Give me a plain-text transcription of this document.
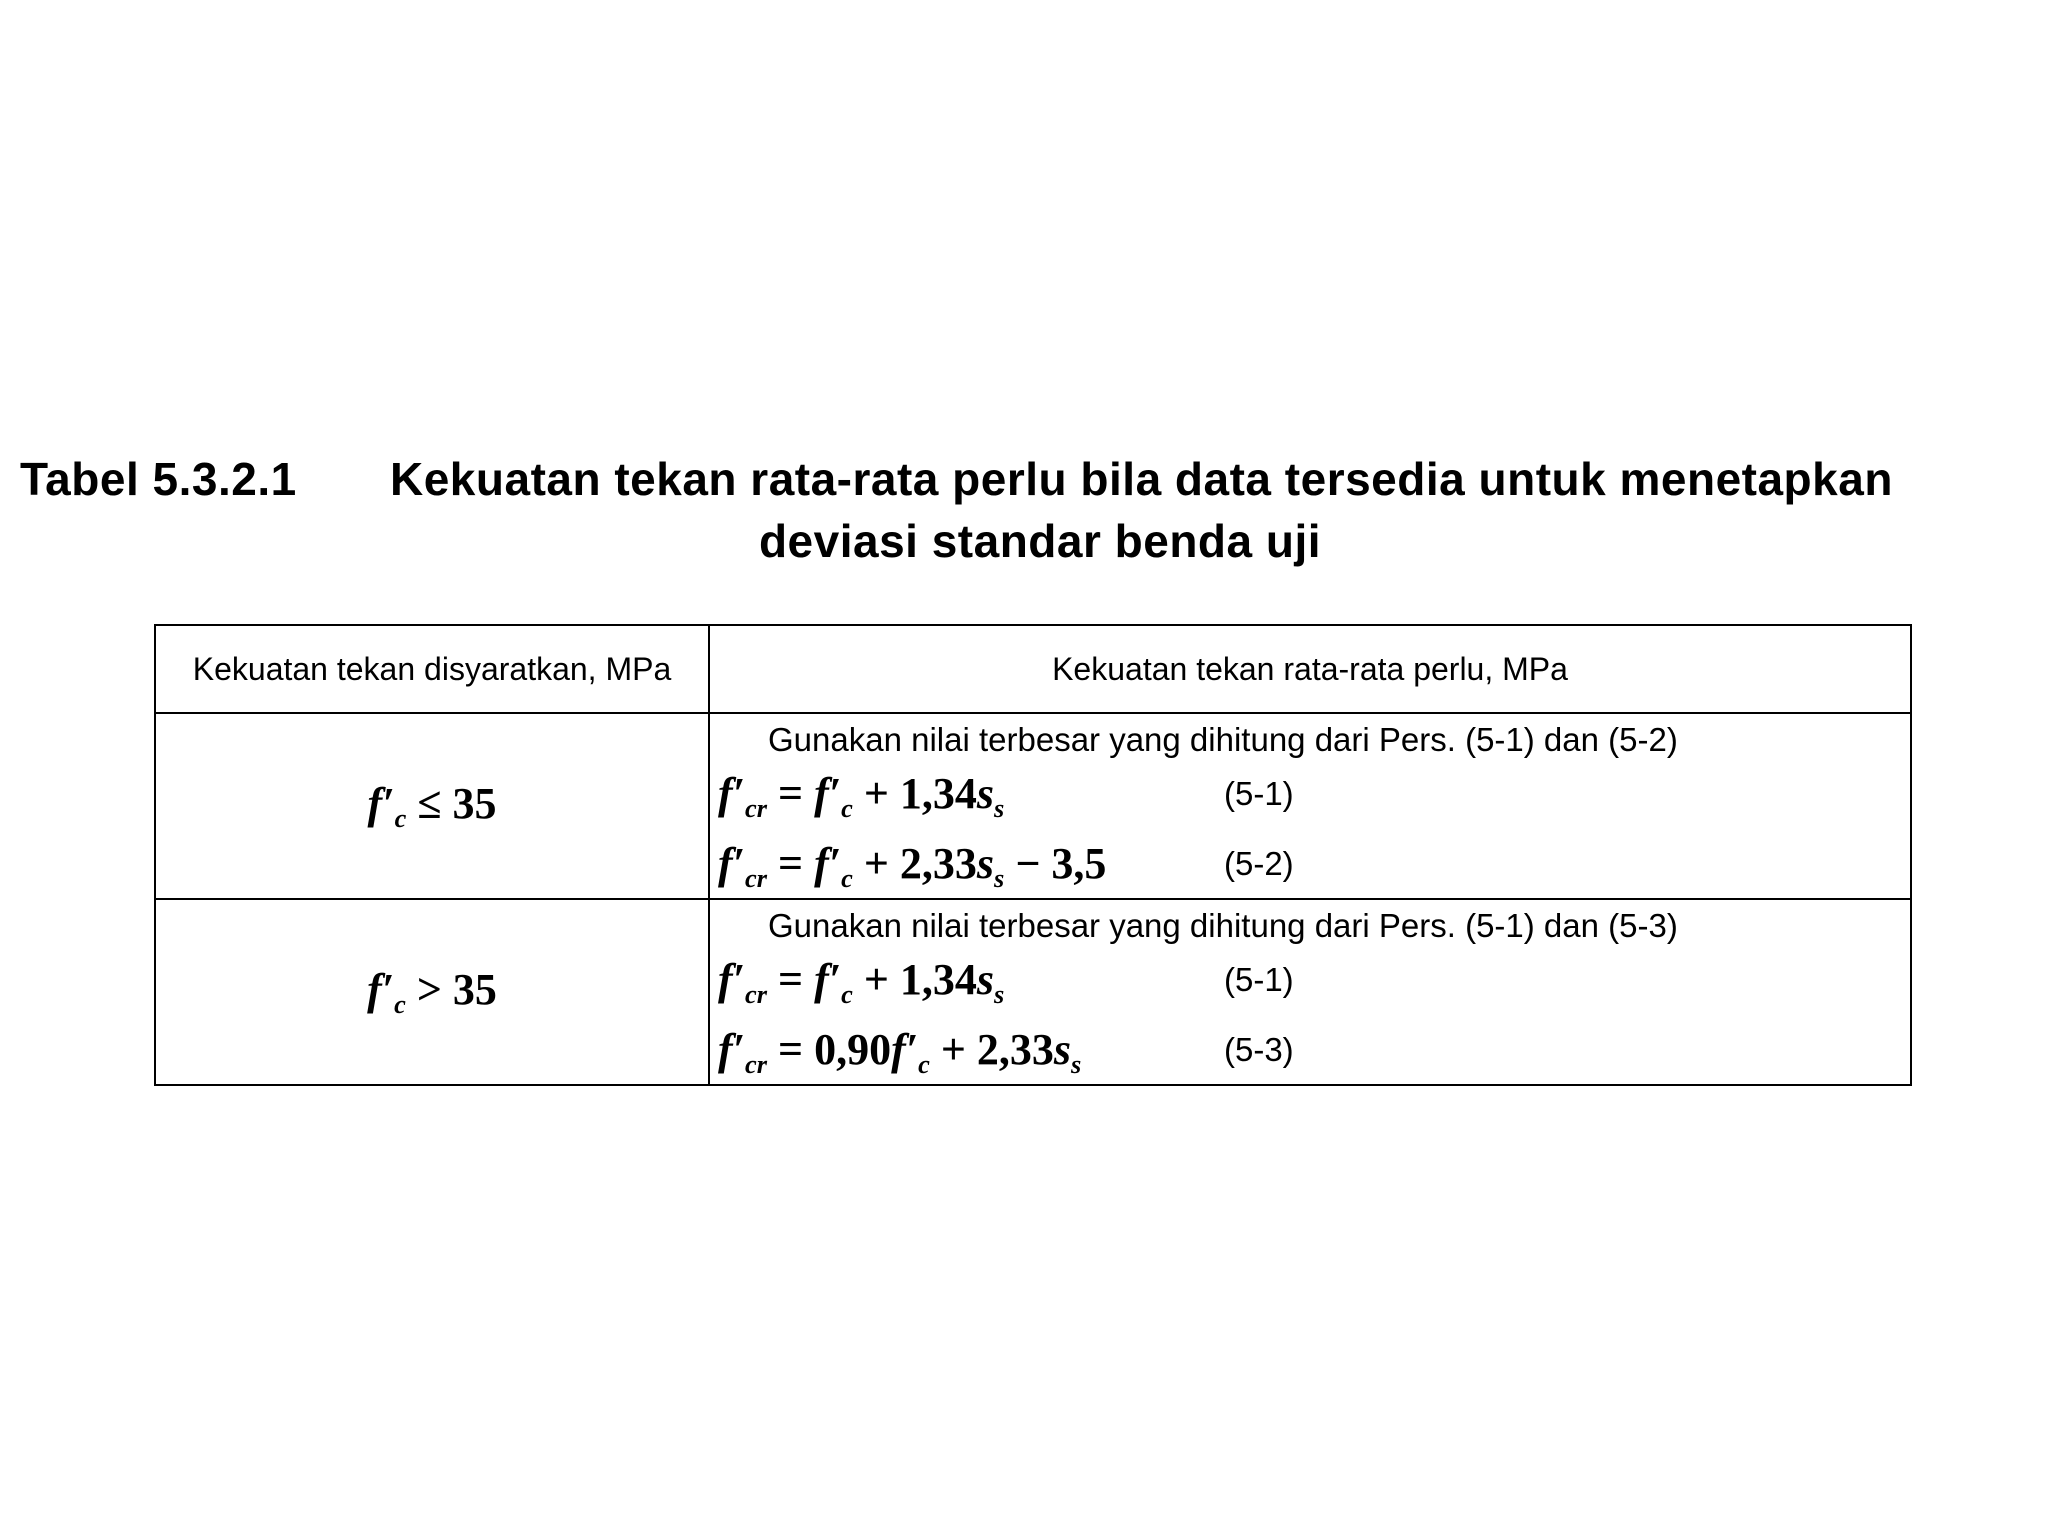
Tabel 5.3.2.1 Kekuatan tekan rata-rata perlu bila data tersedia untuk menetapkan
deviasi standar benda uji
Kekuatan tekan disyaratkan, MPa	Kekuatan tekan rata-rata perlu, MPa
$f'_c \le 35$	Gunakan nilai terbesar yang dihitung dari Pers. (5-1) dan (5-2)
$f'_{cr} = f'_c + 1,34s_s$ (5-1)
$f'_{cr} = f'_c + 2,33s_s - 3,5$ (5-2)

$f'_c > 35$	Gunakan nilai terbesar yang dihitung dari Pers. (5-1) dan (5-3)
$f'_{cr} = f'_c + 1,34s_s$ (5-1)
$f'_{cr} = 0,90f'_c + 2,33s_s$ (5-3)
